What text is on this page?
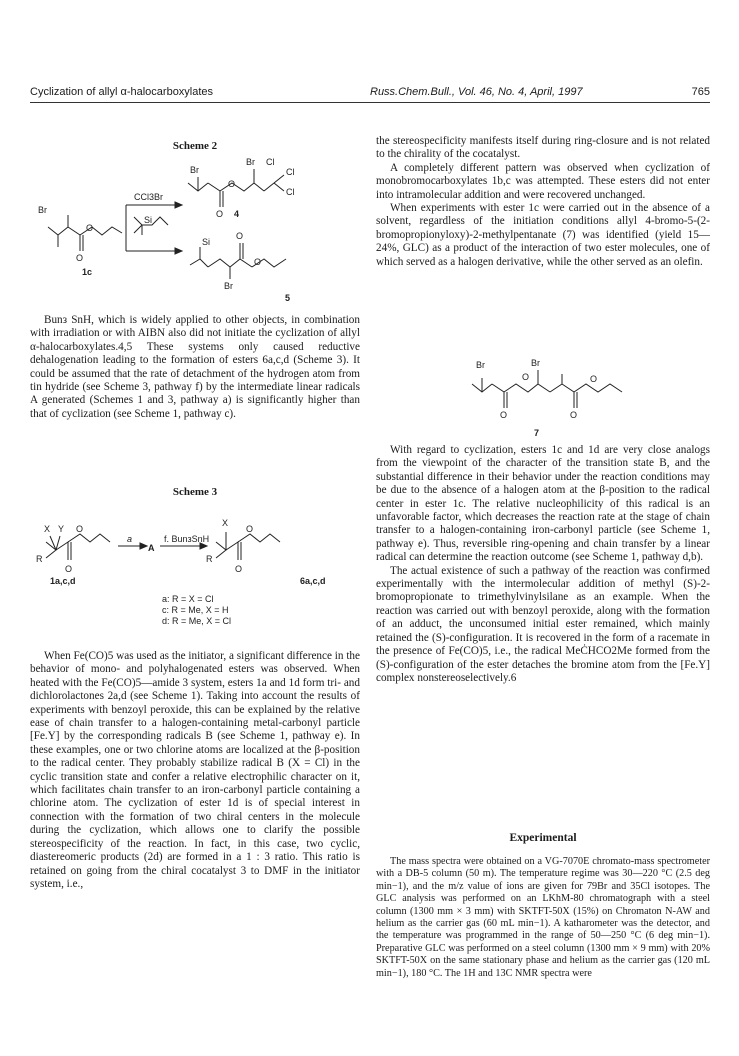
Cyclization of allyl α-halocarboxylates	Russ.Chem.Bull., Vol. 46, No. 4, April, 1997	765
Scheme 2
Br
O
O
1c
CCl3Br
Si
Br
Br Cl
Cl
Cl
O
O 4
Si
O
O
Br
5

Bunз SnH, which is widely applied to other objects, in combination with irradiation or with AIBN also did not initiate the cyclization of allyl α-halocarboxylates.4,5 These systems only caused reductive dehalogenation leading to the formation of esters 6a,c,d (Scheme 3). It could be assumed that the rate of detachment of the hydrogen atom from tin hydride (see Scheme 3, pathway f) by the intermediate linear radicals A generated (Schemes 1 and 3, pathway a) is significantly higher than that of cyclization (see Scheme 1, pathway c).

Scheme 3
X Y
R
O
O
1a,c,d
a
A
f. BunзSnH
X
R
O
O
6a,c,d
a: R = X = Cl
c: R = Me, X = H
d: R = Me, X = Cl

When Fe(CO)5 was used as the initiator, a significant difference in the behavior of mono- and polyhalogenated esters was observed. When heated with the Fe(CO)5—amide 3 system, esters 1a and 1d form tri- and dichlorolactones 2a,d (see Scheme 1). Taking into account the results of experiments with benzoyl peroxide, this can be explained by the relative ease of chain transfer to a halogen-containing metal-carbonyl particle [Fe.Y] by the corresponding radicals B (see Scheme 1, pathway e). In these examples, one or two chlorine atoms are localized at the β-position to the radical center. They probably stabilize radical B (X = Cl) in the cyclic transition state and confer a relative electrophilic character on it, which facilitates chain transfer to an iron-carbonyl particle containing a chlorine atom. The cyclization of ester 1d is of special interest in connection with the formation of two chiral centers in the molecule during the cyclization, which allows one to clarify the possible stereospecificity of the reaction. In fact, in this case, two cyclic, diastereomeric products (2d) are formed in a 1 : 3 ratio. This ratio is retained on going from the chiral cocatalyst 3 to DMF in the initiator system, i.e.,

the stereospecificity manifests itself during ring-closure and is not related to the chirality of the cocatalyst.

A completely different pattern was observed when cyclization of monobromocarboxylates 1b,c was attempted. These esters did not enter into intramolecular addition and were recovered unchanged.

When experiments with ester 1c were carried out in the absence of a solvent, regardless of the initiation conditions allyl 4-bromo-5-(2-bromopropionyloxy)-2-methylpentanate (7) was identified (yield 15—24%, GLC) as a product of the interaction of two ester molecules, one of which served as a halogen derivative, while the other served as an olefin.

Br	Br
O
O	O
O
7

With regard to cyclization, esters 1c and 1d are very close analogs from the viewpoint of the character of the transition state B, and the substantial difference in their behavior under the reaction conditions may be due to the absence of a halogen atom at the β-position to the radical center in ester 1c. The relative nucleophilicity of this radical is an unfavorable factor, which decreases the reaction rate at the stage of chain transfer to a halogen-containing iron-carbonyl particle (see Scheme 1, pathway e). Thus, reversible ring-opening and chain transfer by a linear radical can determine the reaction outcome (see Scheme 1, pathway d,b).

The actual existence of such a pathway of the reaction was confirmed experimentally with the intermolecular addition of methyl (S)-2-bromopropionate to trimethylvinylsilane as an example. When the reaction was carried out with benzoyl peroxide, along with the formation of an adduct, the unconsumed initial ester remained, which mainly retained the (S)-configuration. It is recovered in the form of a racemate in the presence of Fe(CO)5, i.e., the radical MeĊHCO2Me formed from the (S)-configuration of the ester detaches the bromine atom from the [Fe.Y] complex nonstereoselectively.6

Experimental

The mass spectra were obtained on a VG-7070E chromato-mass spectrometer with a DB-5 column (50 m). The temperature regime was 30—220 °C (2.5 deg min−1), and the m/z value of ions are given for 79Br and 35Cl isotopes. The GLC analysis was performed on an LKhM-80 chromatograph with a steel column (1300 mm × 3 mm) with SKTFT-50X (15%) on Chromaton N-AW and helium as the carrier gas (60 mL min−1). A katharometer was the detector, and the temperature was programmed in the range of 50—250 °C (6 deg min−1). Preparative GLC was performed on a steel column (1300 mm × 9 mm) with 20% SKTFT-50X on the same stationary phase and helium as the carrier gas (120 mL min−1), 180 °C. The 1H and 13C NMR spectra were
